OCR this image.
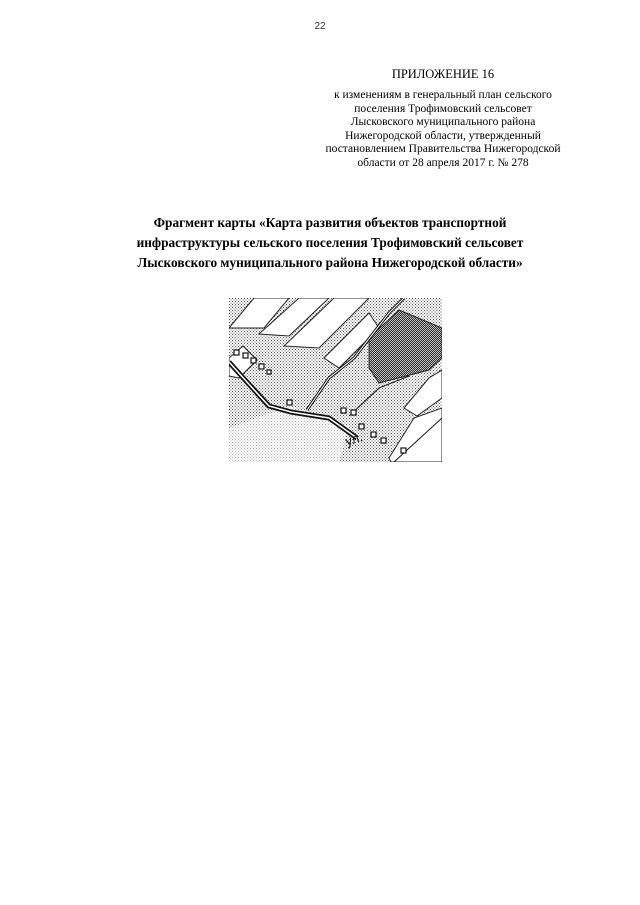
22

ПРИЛОЖЕНИЕ 16

к изменениям в генеральный план сельского
поселения Трофимовский сельсовет
Лысковского муниципального района
Нижегородской области, утвержденный
постановлением Правительства Нижегородской
области от 28 апреля 2017 г. № 278

Фрагмент карты «Карта развития объектов транспортной
инфраструктуры сельского поселения Трофимовский сельсовет
Лысковского муниципального района Нижегородской области»
ул.
